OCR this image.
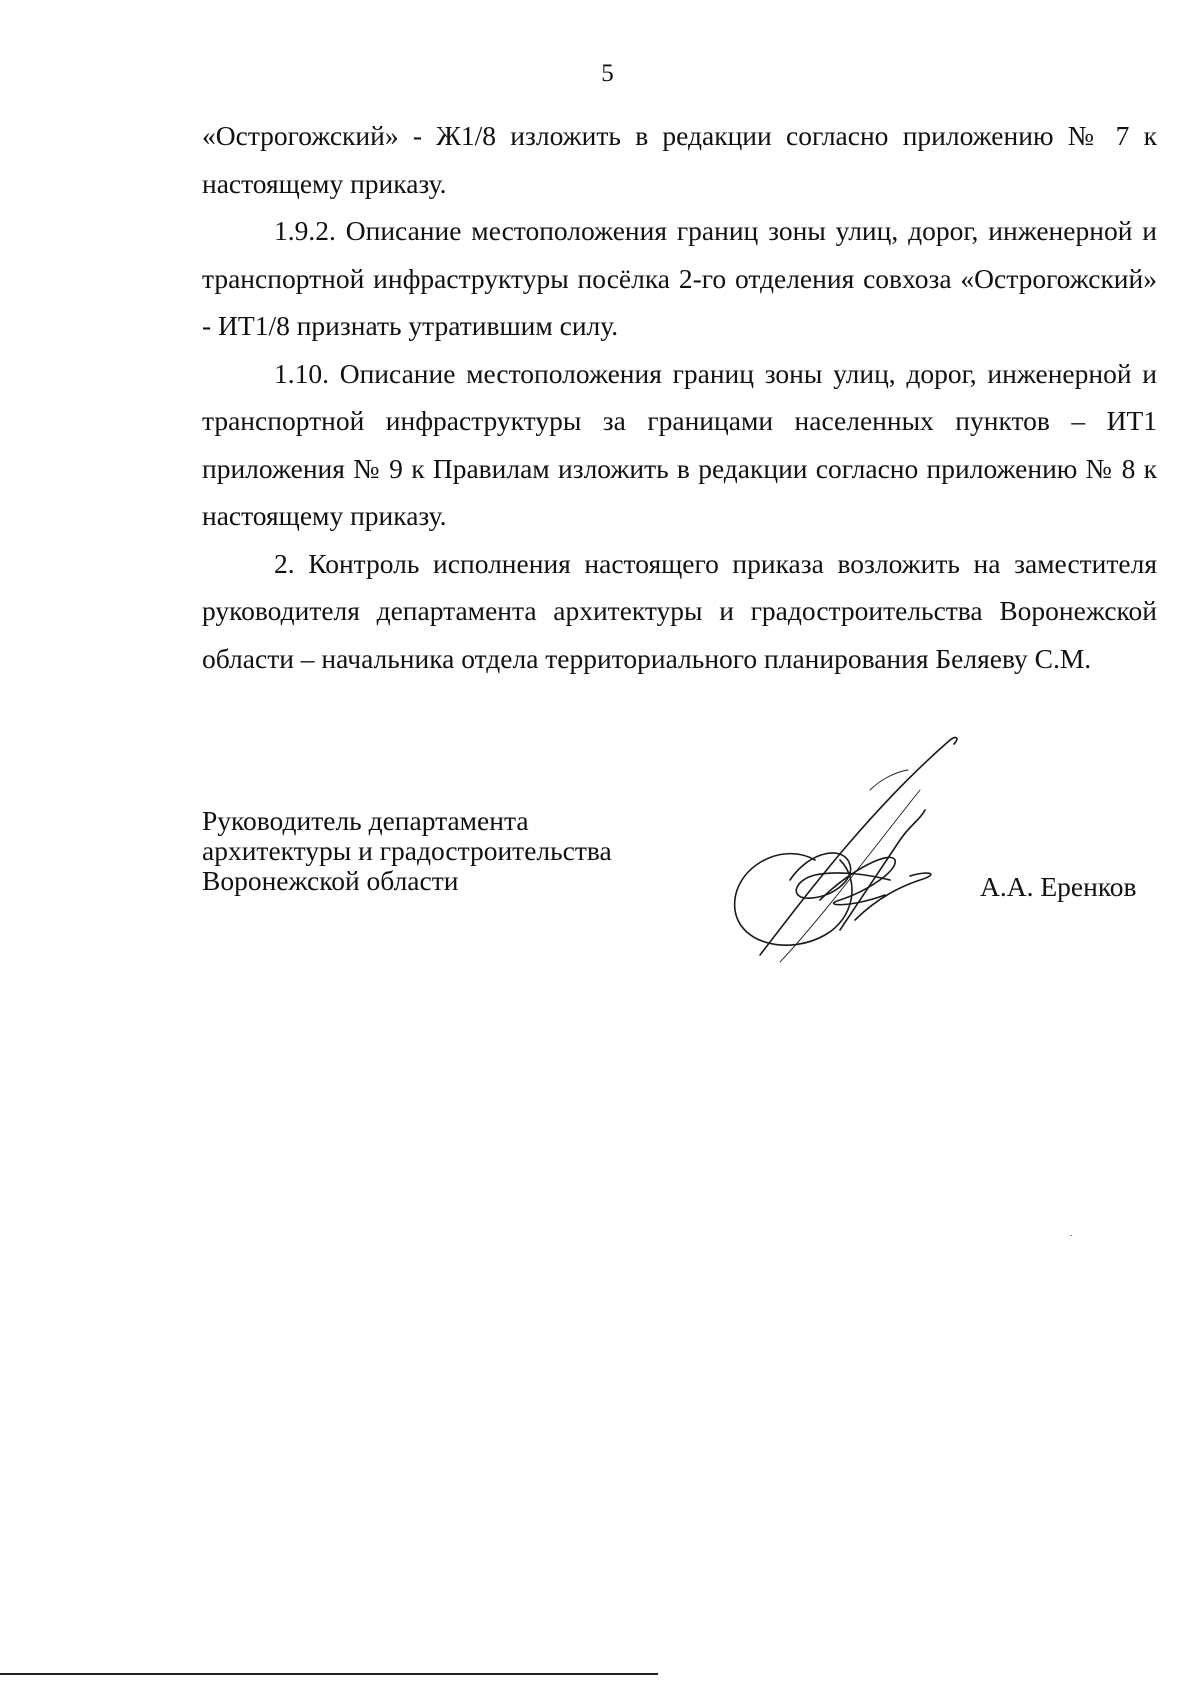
5

«Острогожский» - Ж1/8 изложить в редакции согласно приложению № 7 к настоящему приказу.

1.9.2. Описание местоположения границ зоны улиц, дорог, инженерной и транспортной инфраструктуры посёлка 2-го отделения совхоза «Острогожский» - ИТ1/8 признать утратившим силу.

1.10. Описание местоположения границ зоны улиц, дорог, инженерной и транспортной инфраструктуры за границами населенных пунктов – ИТ1 приложения № 9 к Правилам изложить в редакции согласно приложению № 8 к настоящему приказу.

2. Контроль исполнения настоящего приказа возложить на заместителя руководителя департамента архитектуры и градостроительства Воронежской области – начальника отдела территориального планирования Беляеву С.М.

Руководитель департамента
архитектуры и градостроительства
Воронежской области	А.А. Еренков
